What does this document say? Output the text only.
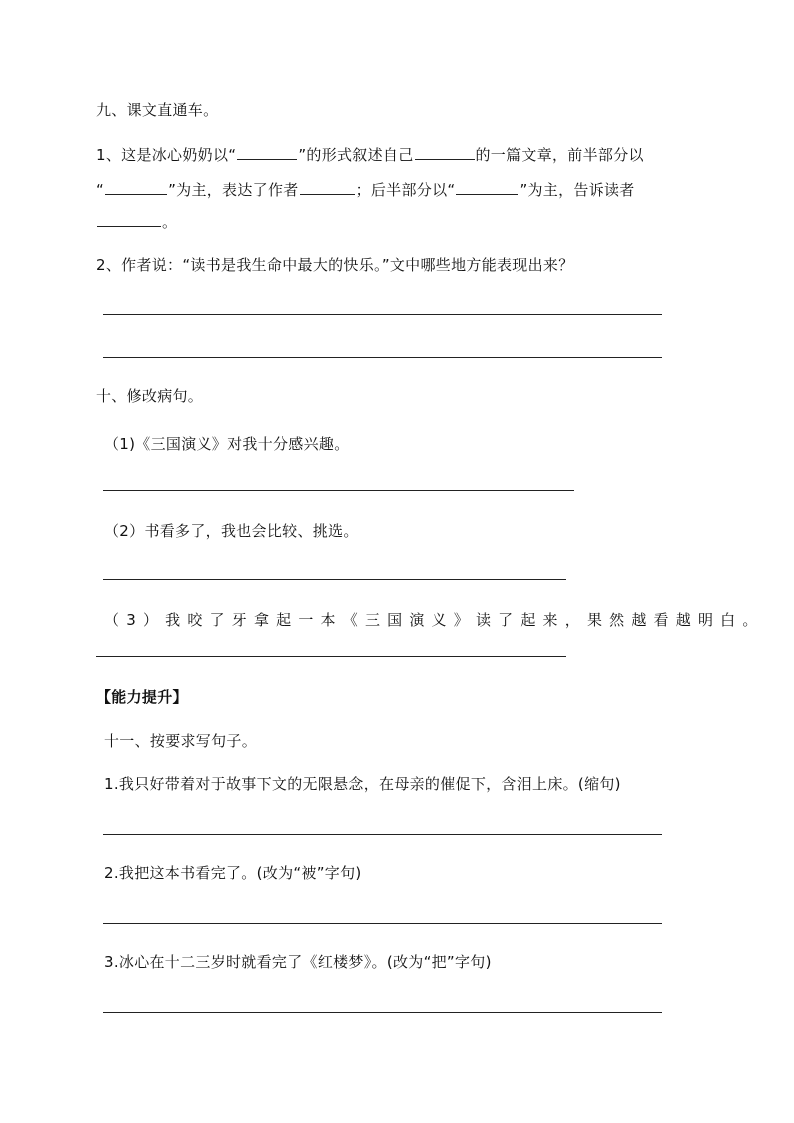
九、课文直通车。
1、这是冰心奶奶以“	”的形式叙述自己	的一篇文章，前半部分以
“	”为主，表达了作者	；后半部分以“	”为主，告诉读者
。
2、作者说：“读书是我生命中最大的快乐。”文中哪些地方能表现出来？
十、修改病句。
（1)《三国演义》对我十分感兴趣。
（2）书看多了，我也会比较、挑选。
（3）我咬了牙拿起一本《三国演义》读了起来，果然越看越明白。
【能力提升】
十一、按要求写句子。
1.我只好带着对于故事下文的无限悬念，在母亲的催促下，含泪上床。(缩句)
2.我把这本书看完了。(改为“被”字句)
3.冰心在十二三岁时就看完了《红楼梦》。(改为“把”字句)
